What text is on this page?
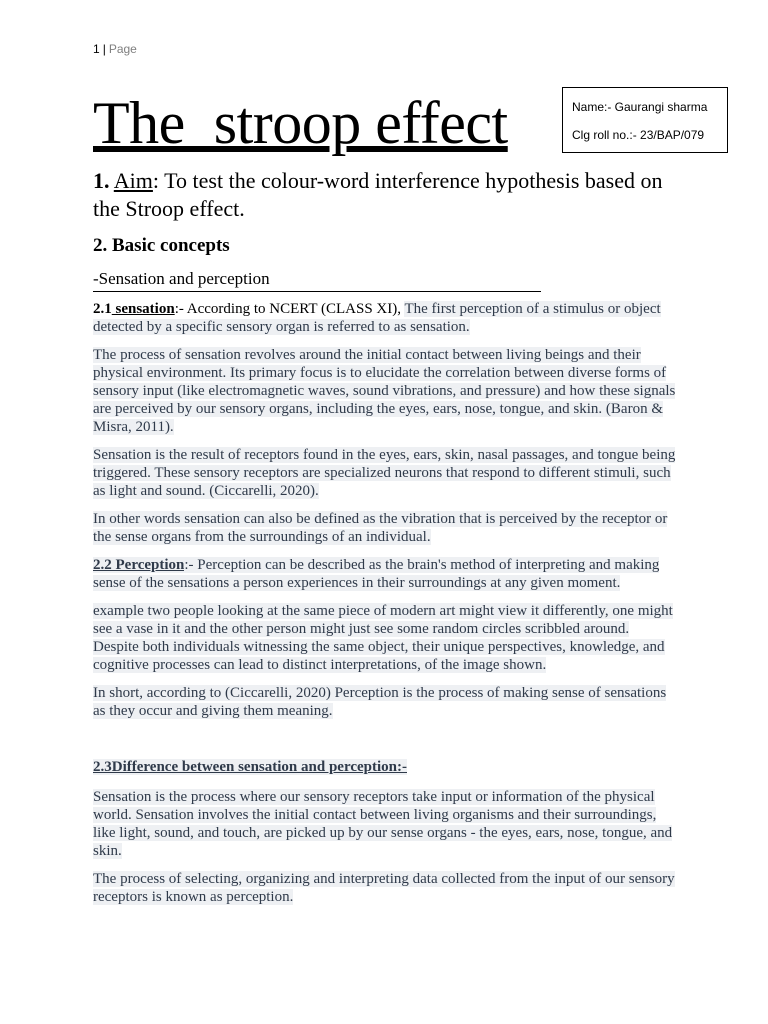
1 | Page
The  stroop effect	Name:- Gaurangi sharma
Clg roll no.:- 23/BAP/079
1. Aim: To test the colour-word interference hypothesis based on the Stroop effect.
2. Basic concepts
-Sensation and perception

2.1 sensation:- According to NCERT (CLASS XI), The first perception of a stimulus or object detected by a specific sensory organ is referred to as sensation.

The process of sensation revolves around the initial contact between living beings and their physical environment. Its primary focus is to elucidate the correlation between diverse forms of sensory input (like electromagnetic waves, sound vibrations, and pressure) and how these signals are perceived by our sensory organs, including the eyes, ears, nose, tongue, and skin. (Baron & Misra, 2011).

Sensation is the result of receptors found in the eyes, ears, skin, nasal passages, and tongue being triggered. These sensory receptors are specialized neurons that respond to different stimuli, such as light and sound. (Ciccarelli, 2020).

In other words sensation can also be defined as the vibration that is perceived by the receptor or the sense organs from the surroundings of an individual.

2.2 Perception:- Perception can be described as the brain's method of interpreting and making sense of the sensations a person experiences in their surroundings at any given moment.

example two people looking at the same piece of modern art might view it differently, one might see a vase in it and the other person might just see some random circles scribbled around. Despite both individuals witnessing the same object, their unique perspectives, knowledge, and cognitive processes can lead to distinct interpretations, of the image shown.

In short, according to (Ciccarelli, 2020) Perception is the process of making sense of sensations as they occur and giving them meaning.

2.3Difference between sensation and perception:-

Sensation is the process where our sensory receptors take input or information of the physical world. Sensation involves the initial contact between living organisms and their surroundings, like light, sound, and touch, are picked up by our sense organs - the eyes, ears, nose, tongue, and skin.

The process of selecting, organizing and interpreting data collected from the input of our sensory receptors is known as perception.
